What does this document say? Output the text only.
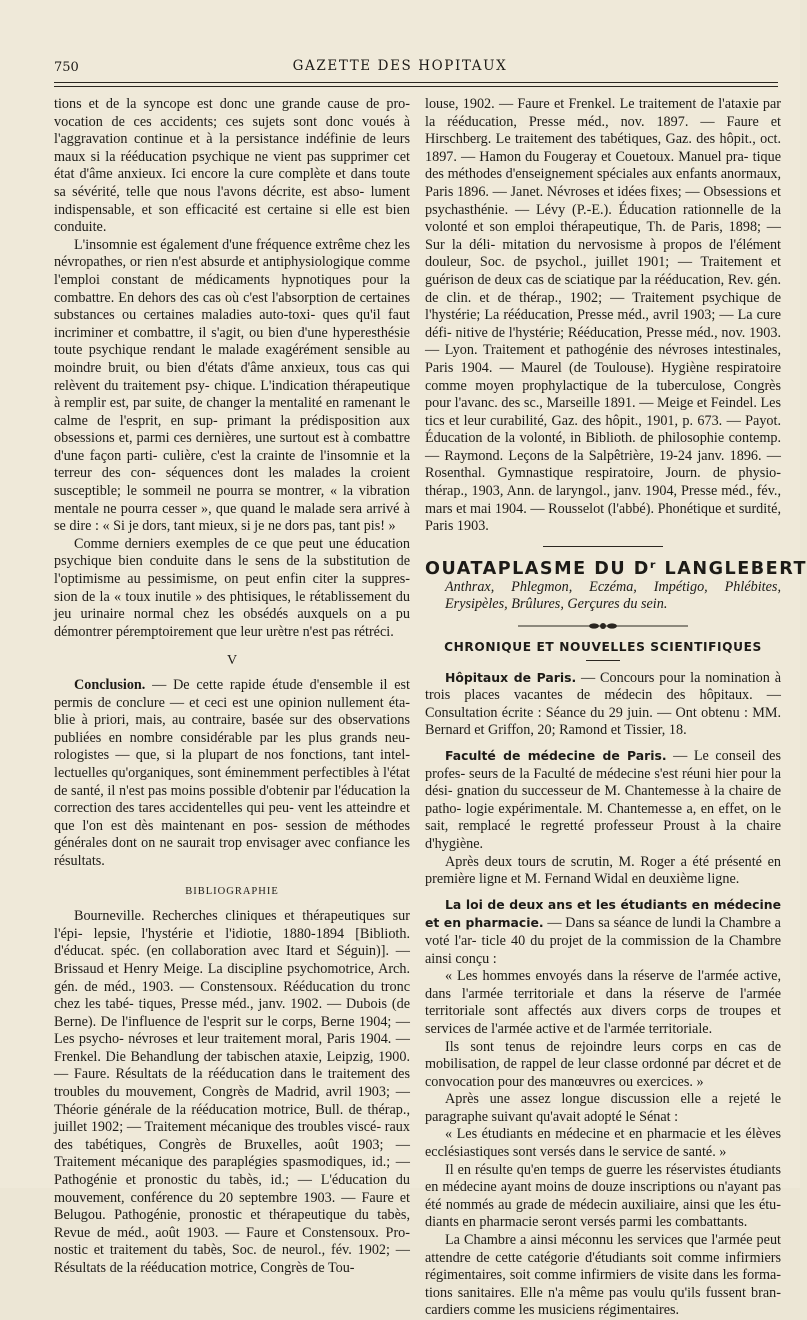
750	GAZETTE DES HOPITAUX

tions et de la syncope est donc une grande cause de pro- vocation de ces accidents; ces sujets sont donc voués à l'aggravation continue et à la persistance indéfinie de leurs maux si la rééducation psychique ne vient pas supprimer cet état d'âme anxieux. Ici encore la cure complète et dans toute sa sévérité, telle que nous l'avons décrite, est abso- lument indispensable, et son efficacité est certaine si elle est bien conduite.

L'insomnie est également d'une fréquence extrême chez les névropathes, or rien n'est absurde et antiphysiologique comme l'emploi constant de médicaments hypnotiques pour la combattre. En dehors des cas où c'est l'absorption de certaines substances ou certaines maladies auto-toxi- ques qu'il faut incriminer et combattre, il s'agit, ou bien d'une hyperesthésie toute psychique rendant le malade exagérément sensible au moindre bruit, ou bien d'états d'âme anxieux, tous cas qui relèvent du traitement psy- chique. L'indication thérapeutique à remplir est, par suite, de changer la mentalité en ramenant le calme de l'esprit, en sup- primant la prédisposition aux obsessions et, parmi ces dernières, une surtout est à combattre d'une façon parti- culière, c'est la crainte de l'insomnie et la terreur des con- séquences dont les malades la croient susceptible; le sommeil ne pourra se montrer, « la vibration mentale ne pourra cesser », que quand le malade sera arrivé à se dire : « Si je dors, tant mieux, si je ne dors pas, tant pis! »

Comme derniers exemples de ce que peut une éducation psychique bien conduite dans le sens de la substitution de l'optimisme au pessimisme, on peut enfin citer la suppres- sion de la « toux inutile » des phtisiques, le rétablissement du jeu urinaire normal chez les obsédés auxquels on a pu démontrer péremptoirement que leur urètre n'est pas rétréci.

V

Conclusion. — De cette rapide étude d'ensemble il est permis de conclure — et ceci est une opinion nullement éta- blie à priori, mais, au contraire, basée sur des observations publiées en nombre considérable par les plus grands neu- rologistes — que, si la plupart de nos fonctions, tant intel- lectuelles qu'organiques, sont éminemment perfectibles à l'état de santé, il n'est pas moins possible d'obtenir par l'éducation la correction des tares accidentelles qui peu- vent les atteindre et que l'on est dès maintenant en pos- session de méthodes générales dont on ne saurait trop envisager avec confiance les résultats.

BIBLIOGRAPHIE

Bourneville. Recherches cliniques et thérapeutiques sur l'épi- lepsie, l'hystérie et l'idiotie, 1880-1894 [Biblioth. d'éducat. spéc. (en collaboration avec Itard et Séguin)]. — Brissaud et Henry Meige. La discipline psychomotrice, Arch. gén. de méd., 1903. — Constensoux. Rééducation du tronc chez les tabé- tiques, Presse méd., janv. 1902. — Dubois (de Berne). De l'influence de l'esprit sur le corps, Berne 1904; — Les psycho- névroses et leur traitement moral, Paris 1904. — Frenkel. Die Behandlung der tabischen ataxie, Leipzig, 1900. — Faure. Résultats de la rééducation dans le traitement des troubles du mouvement, Congrès de Madrid, avril 1903; — Théorie générale de la rééducation motrice, Bull. de thérap., juillet 1902; — Traitement mécanique des troubles viscé- raux des tabétiques, Congrès de Bruxelles, août 1903; — Traitement mécanique des paraplégies spasmodiques, id.; — Pathogénie et pronostic du tabès, id.; — L'éducation du mouvement, conférence du 20 septembre 1903. — Faure et Belugou. Pathogénie, pronostic et thérapeutique du tabès, Revue de méd., août 1903. — Faure et Constensoux. Pro- nostic et traitement du tabès, Soc. de neurol., fév. 1902; — Résultats de la rééducation motrice, Congrès de Tou-

louse, 1902. — Faure et Frenkel. Le traitement de l'ataxie par la rééducation, Presse méd., nov. 1897. — Faure et Hirschberg. Le traitement des tabétiques, Gaz. des hôpit., oct. 1897. — Hamon du Fougeray et Couetoux. Manuel pra- tique des méthodes d'enseignement spéciales aux enfants anormaux, Paris 1896. — Janet. Névroses et idées fixes; — Obsessions et psychasthénie. — Lévy (P.-E.). Éducation rationnelle de la volonté et son emploi thérapeutique, Th. de Paris, 1898; — Sur la déli- mitation du nervosisme à propos de l'élément douleur, Soc. de psychol., juillet 1901; — Traitement et guérison de deux cas de sciatique par la rééducation, Rev. gén. de clin. et de thérap., 1902; — Traitement psychique de l'hystérie; La rééducation, Presse méd., avril 1903; — La cure défi- nitive de l'hystérie; Rééducation, Presse méd., nov. 1903. — Lyon. Traitement et pathogénie des névroses intestinales, Paris 1904. — Maurel (de Toulouse). Hygiène respiratoire comme moyen prophylactique de la tuberculose, Congrès pour l'avanc. des sc., Marseille 1891. — Meige et Feindel. Les tics et leur curabilité, Gaz. des hôpit., 1901, p. 673. — Payot. Éducation de la volonté, in Biblioth. de philosophie contemp. — Raymond. Leçons de la Salpêtrière, 19-24 janv. 1896. — Rosenthal. Gymnastique respiratoire, Journ. de physio- thérap., 1903, Ann. de laryngol., janv. 1904, Presse méd., fév., mars et mai 1904. — Rousselot (l'abbé). Phonétique et surdité, Paris 1903.

OUATAPLASME DU Dʳ LANGLEBERT

Anthrax, Phlegmon, Eczéma, Impétigo, Phlébites, Erysipèles, Brûlures, Gerçures du sein.

CHRONIQUE ET NOUVELLES SCIENTIFIQUES

Hôpitaux de Paris. — Concours pour la nomination à trois places vacantes de médecin des hôpitaux. — Consultation écrite : Séance du 29 juin. — Ont obtenu : MM. Bernard et Griffon, 20; Ramond et Tissier, 18.

Faculté de médecine de Paris. — Le conseil des profes- seurs de la Faculté de médecine s'est réuni hier pour la dési- gnation du successeur de M. Chantemesse à la chaire de patho- logie expérimentale. M. Chantemesse a, en effet, on le sait, remplacé le regretté professeur Proust à la chaire d'hygiène.

Après deux tours de scrutin, M. Roger a été présenté en première ligne et M. Fernand Widal en deuxième ligne.

La loi de deux ans et les étudiants en médecine et en pharmacie. — Dans sa séance de lundi la Chambre a voté l'ar- ticle 40 du projet de la commission de la Chambre ainsi conçu :

« Les hommes envoyés dans la réserve de l'armée active, dans l'armée territoriale et dans la réserve de l'armée territoriale sont affectés aux divers corps de troupes et services de l'armée active et de l'armée territoriale.

Ils sont tenus de rejoindre leurs corps en cas de mobilisation, de rappel de leur classe ordonné par décret et de convocation pour des manœuvres ou exercices. »

Après une assez longue discussion elle a rejeté le paragraphe suivant qu'avait adopté le Sénat :

« Les étudiants en médecine et en pharmacie et les élèves ecclésiastiques sont versés dans le service de santé. »

Il en résulte qu'en temps de guerre les réservistes étudiants en médecine ayant moins de douze inscriptions ou n'ayant pas été nommés au grade de médecin auxiliaire, ainsi que les étu- diants en pharmacie seront versés parmi les combattants.

La Chambre a ainsi méconnu les services que l'armée peut attendre de cette catégorie d'étudiants soit comme infirmiers régimentaires, soit comme infirmiers de visite dans les forma- tions sanitaires. Elle n'a même pas voulu qu'ils fussent bran- cardiers comme les musiciens régimentaires.
